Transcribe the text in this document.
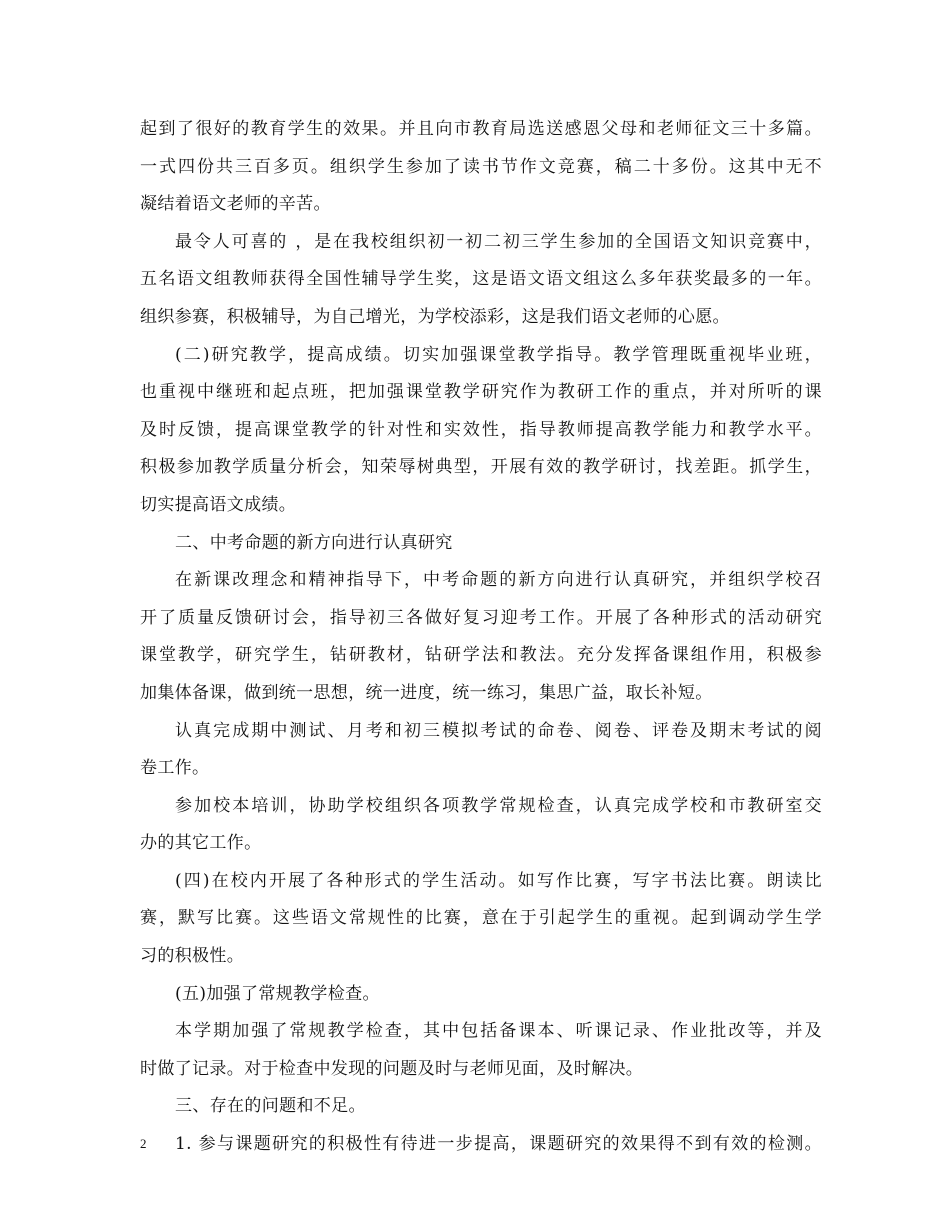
起到了很好的教育学生的效果。并且向市教育局选送感恩父母和老师征文三十多篇。
一式四份共三百多页。组织学生参加了读书节作文竞赛，稿二十多份。这其中无不
凝结着语文老师的辛苦。
最令人可喜的 ，是在我校组织初一初二初三学生参加的全国语文知识竞赛中，
五名语文组教师获得全国性辅导学生奖，这是语文语文组这么多年获奖最多的一年。
组织参赛，积极辅导，为自己增光，为学校添彩，这是我们语文老师的心愿。
(二)研究教学，提高成绩。切实加强课堂教学指导。教学管理既重视毕业班，
也重视中继班和起点班，把加强课堂教学研究作为教研工作的重点，并对所听的课
及时反馈，提高课堂教学的针对性和实效性，指导教师提高教学能力和教学水平。
积极参加教学质量分析会，知荣辱树典型，开展有效的教学研讨，找差距。抓学生，
切实提高语文成绩。
二、中考命题的新方向进行认真研究
在新课改理念和精神指导下，中考命题的新方向进行认真研究，并组织学校召
开了质量反馈研讨会，指导初三各做好复习迎考工作。开展了各种形式的活动研究
课堂教学，研究学生，钻研教材，钻研学法和教法。充分发挥备课组作用，积极参
加集体备课，做到统一思想，统一进度，统一练习，集思广益，取长补短。
认真完成期中测试、月考和初三模拟考试的命卷、阅卷、评卷及期末考试的阅
卷工作。
参加校本培训，协助学校组织各项教学常规检查，认真完成学校和市教研室交
办的其它工作。
(四)在校内开展了各种形式的学生活动。如写作比赛，写字书法比赛。朗读比
赛，默写比赛。这些语文常规性的比赛，意在于引起学生的重视。起到调动学生学
习的积极性。
(五)加强了常规教学检查。
本学期加强了常规教学检查，其中包括备课本、听课记录、作业批改等，并及
时做了记录。对于检查中发现的问题及时与老师见面，及时解决。
三、存在的问题和不足。
1. 参与课题研究的积极性有待进一步提高，课题研究的效果得不到有效的检测。
2
